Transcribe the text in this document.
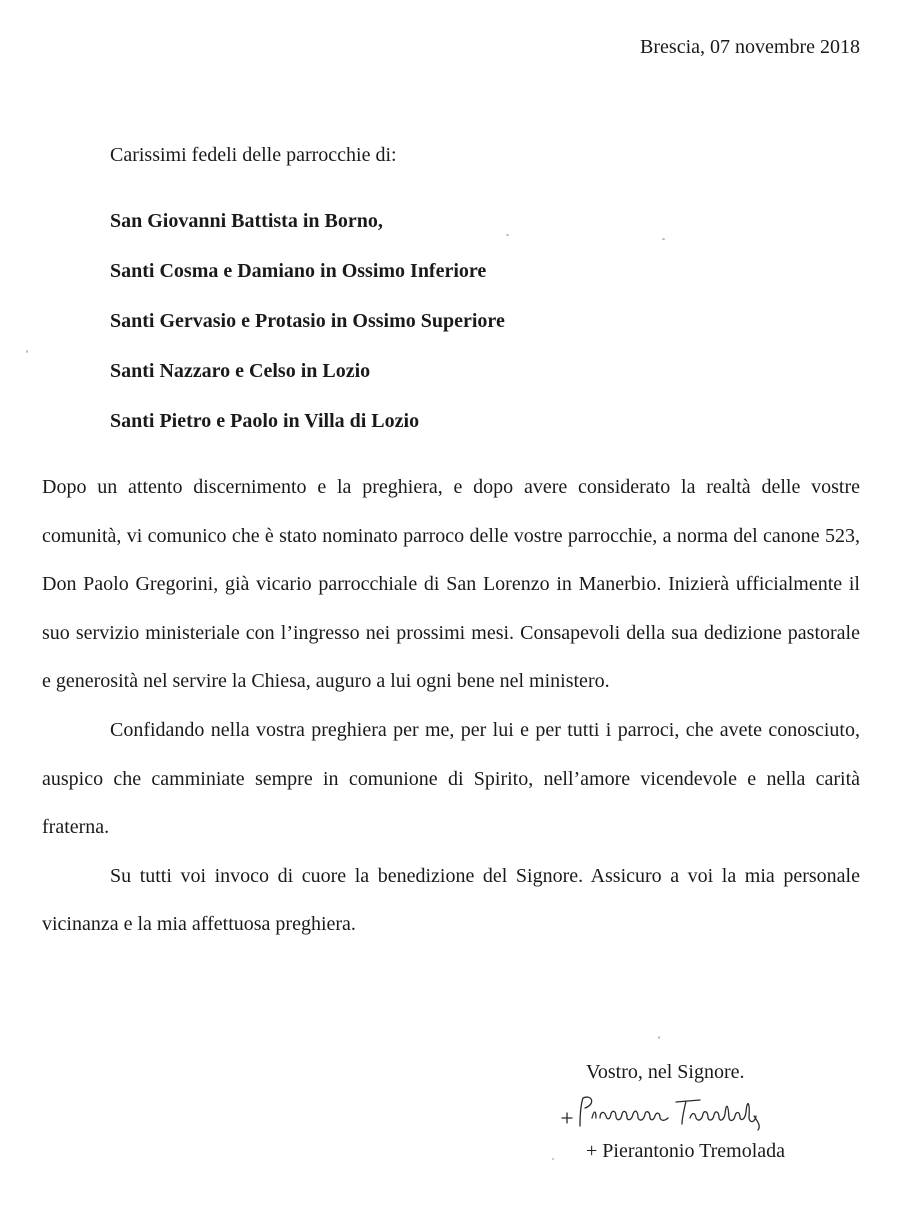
Brescia, 07 novembre 2018
Carissimi fedeli delle parrocchie di:
San Giovanni Battista in Borno,
Santi Cosma e Damiano in Ossimo Inferiore
Santi Gervasio e Protasio in Ossimo Superiore
Santi Nazzaro e Celso in Lozio
Santi Pietro e Paolo in Villa di Lozio

Dopo un attento discernimento e la preghiera, e dopo avere considerato la realtà delle vostre comunità, vi comunico che è stato nominato parroco delle vostre parrocchie, a norma del canone 523, Don Paolo Gregorini, già vicario parrocchiale di San Lorenzo in Manerbio. Inizierà ufficialmente il suo servizio ministeriale con l’ingresso nei prossimi mesi. Consapevoli della sua dedizione pastorale e generosità nel servire la Chiesa, auguro a lui ogni bene nel ministero.

Confidando nella vostra preghiera per me, per lui e per tutti i parroci, che avete conosciuto, auspico che camminiate sempre in comunione di Spirito, nell’amore vicendevole e nella carità fraterna.

Su tutti voi invoco di cuore la benedizione del Signore. Assicuro a voi la mia personale vicinanza e la mia affettuosa preghiera.

Vostro, nel Signore.
+ Pierantonio Tremolada
